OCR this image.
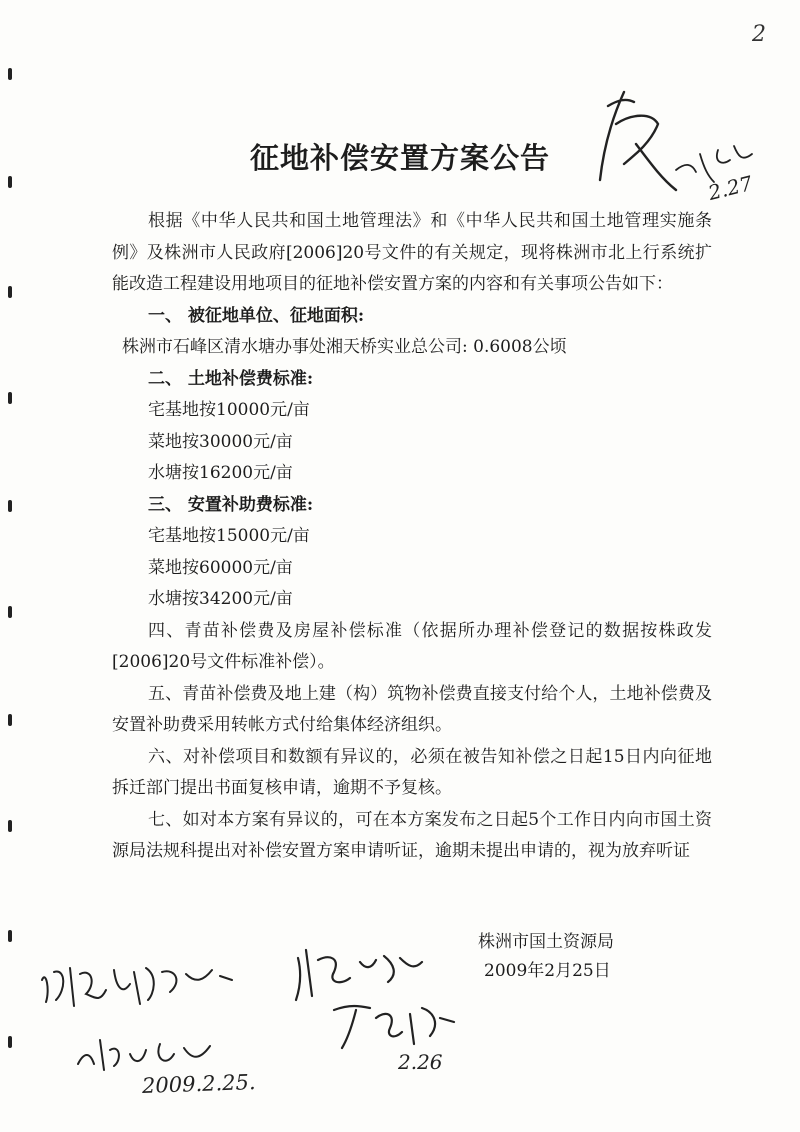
2
征地补偿安置方案公告
2.27

根据《中华人民共和国土地管理法》和《中华人民共和国土地管理实施条例》及株洲市人民政府[2006]20号文件的有关规定，现将株洲市北上行系统扩能改造工程建设用地项目的征地补偿安置方案的内容和有关事项公告如下：

一、 被征地单位、征地面积:

株洲市石峰区清水塘办事处湘天桥实业总公司: 0.6008公顷

二、 土地补偿费标准:

宅基地按10000元/亩

菜地按30000元/亩

水塘按16200元/亩

三、 安置补助费标准:

宅基地按15000元/亩

菜地按60000元/亩

水塘按34200元/亩

四、青苗补偿费及房屋补偿标准（依据所办理补偿登记的数据按株政发[2006]20号文件标准补偿）。

五、青苗补偿费及地上建（构）筑物补偿费直接支付给个人，土地补偿费及安置补助费采用转帐方式付给集体经济组织。

六、对补偿项目和数额有异议的，必须在被告知补偿之日起15日内向征地拆迁部门提出书面复核申请，逾期不予复核。

七、如对本方案有异议的，可在本方案发布之日起5个工作日内向市国土资源局法规科提出对补偿安置方案申请听证，逾期未提出申请的，视为放弃听证

株洲市国土资源局
2009年2月25日
2009.2.25.
2.26
